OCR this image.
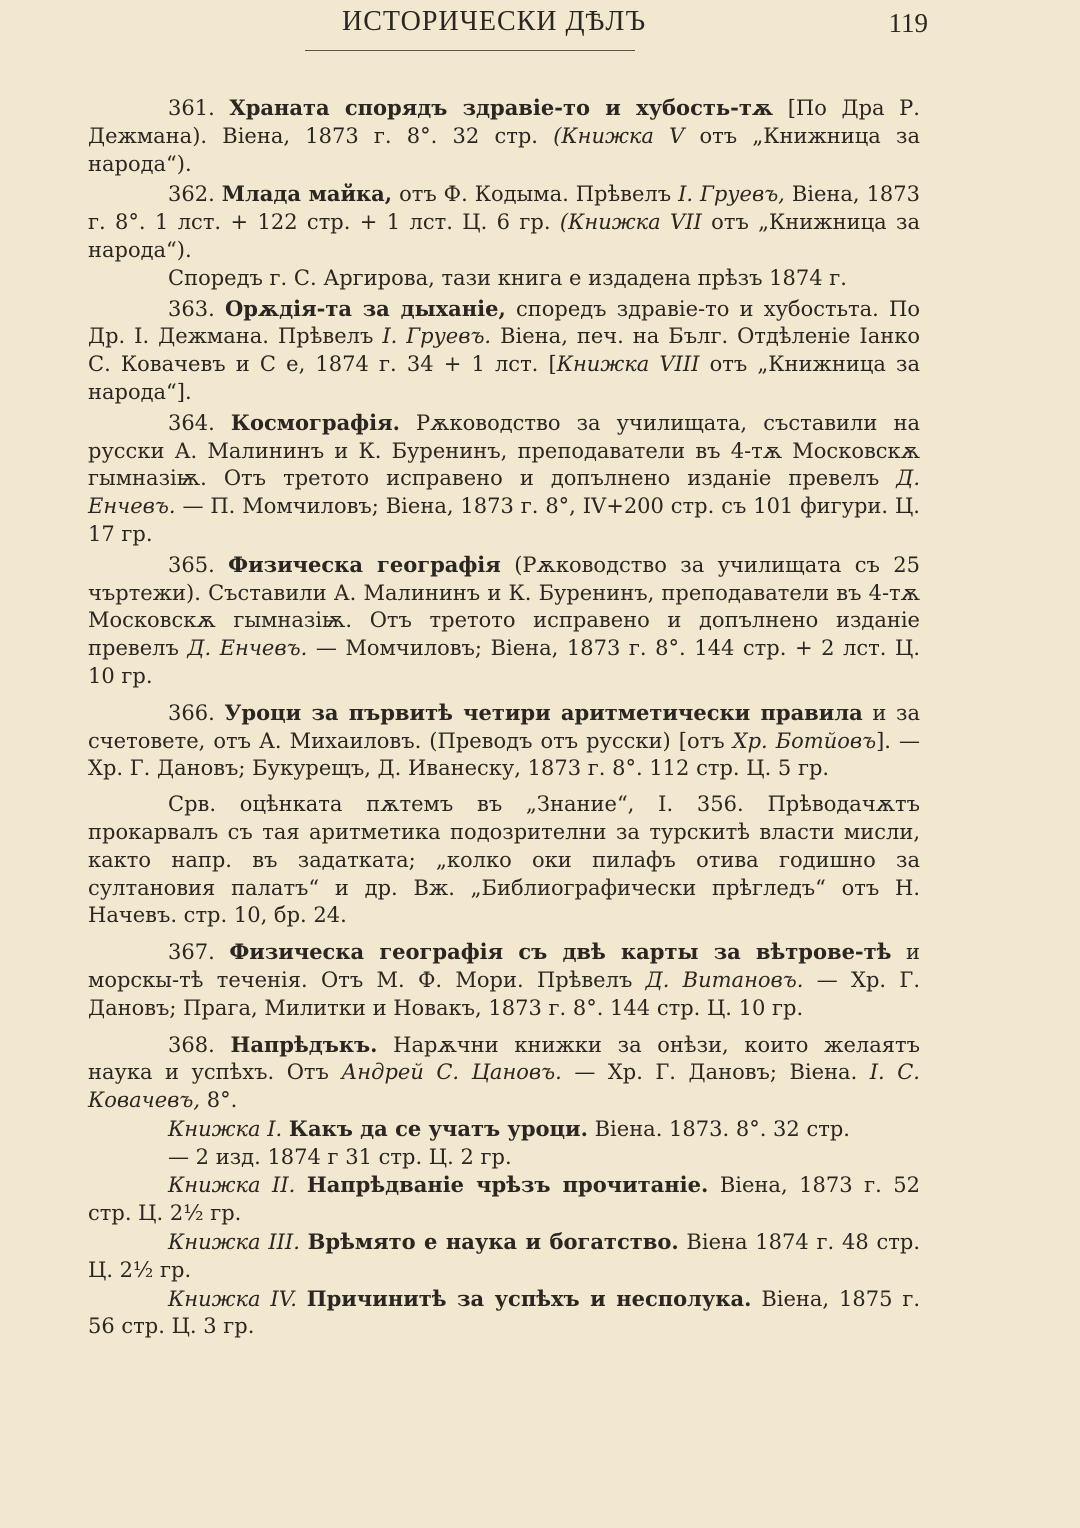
ИСТОРИЧЕСКИ ДѢЛЪ	119

361. Храната спорядъ здравіе-то и хубость-тѫ [По Дра Р. Дежмана). Віена, 1873 г. 8°. 32 стр. (Книжка V отъ „Книжница за народа“).

362. Млада майка, отъ Ф. Кодыма. Прѣвелъ I. Груевъ, Віена, 1873 г. 8°. 1 лст. + 122 стр. + 1 лст. Ц. 6 гр. (Книжка VII отъ „Книжница за народа“).

Споредъ г. С. Аргирова, тази книга е издадена прѣзъ 1874 г.

363. Орѫдія-та за дыханіе, споредъ здравіе-то и хубостьта. По Др. I. Дежмана. Прѣвелъ I. Груевъ. Віена, печ. на Бълг. Отдѣленіе Іанко С. Ковачевъ и С е, 1874 г. 34 + 1 лст. [Книжка VIII отъ „Книжница за народа“].

364. Космографія. Рѫководство за училищата, съставили на русски А. Малининъ и К. Буренинъ, преподаватели въ 4-тѫ Московскѫ гымназіѭ. Отъ третото исправено и допълнено изданіе превелъ Д. Енчевъ. — П. Момчиловъ; Віена, 1873 г. 8°, IV+200 стр. съ 101 фигури. Ц. 17 гр.

365. Физическа географія (Рѫководство за училищата съ 25 чъртежи). Съставили А. Малининъ и К. Буренинъ, преподаватели въ 4-тѫ Московскѫ гымназіѭ. Отъ третото исправено и допълнено изданіе превелъ Д. Енчевъ. — Момчиловъ; Віена, 1873 г. 8°. 144 стр. + 2 лст. Ц. 10 гр.

366. Уроци за първитѣ четири аритметически правила и за счетовете, отъ А. Михаиловъ. (Преводъ отъ русски) [отъ Хр. Ботйовъ]. — Хр. Г. Дановъ; Букурещъ, Д. Иванеску, 1873 г. 8°. 112 стр. Ц. 5 гр.

Срв. оцѣнката пѫтемъ въ „Знание“, I. 356. Прѣводачѫтъ прокарвалъ съ тая аритметика подозрителни за турскитѣ власти мисли, както напр. въ задатката; „колко оки пилафъ отива годишно за султановия палатъ“ и др. Вж. „Библиографически прѣгледъ“ отъ Н. Начевъ. стр. 10, бр. 24.

367. Физическа географія съ двѣ карты за вѣтрове-тѣ и морскы-тѣ теченія. Отъ М. Ф. Мори. Прѣвелъ Д. Витановъ. — Хр. Г. Дановъ; Прага, Милитки и Новакъ, 1873 г. 8°. 144 стр. Ц. 10 гр.

368. Напрѣдъкъ. Нарѫчни книжки за онѣзи, които желаятъ наука и успѣхъ. Отъ Андрей С. Цановъ. — Хр. Г. Дановъ; Віена. I. С. Ковачевъ, 8°.

Книжка I. Какъ да се учатъ уроци. Віена. 1873. 8°. 32 стр.

— 2 изд. 1874 г 31 стр. Ц. 2 гр.

Книжка II. Напрѣдваніе чрѣзъ прочитаніе. Віена, 1873 г. 52 стр. Ц. 2½ гр.

Книжка III. Врѣмято е наука и богатство. Віена 1874 г. 48 стр. Ц. 2½ гр.

Книжка IV. Причинитѣ за успѣхъ и несполука. Віена, 1875 г. 56 стр. Ц. 3 гр.
